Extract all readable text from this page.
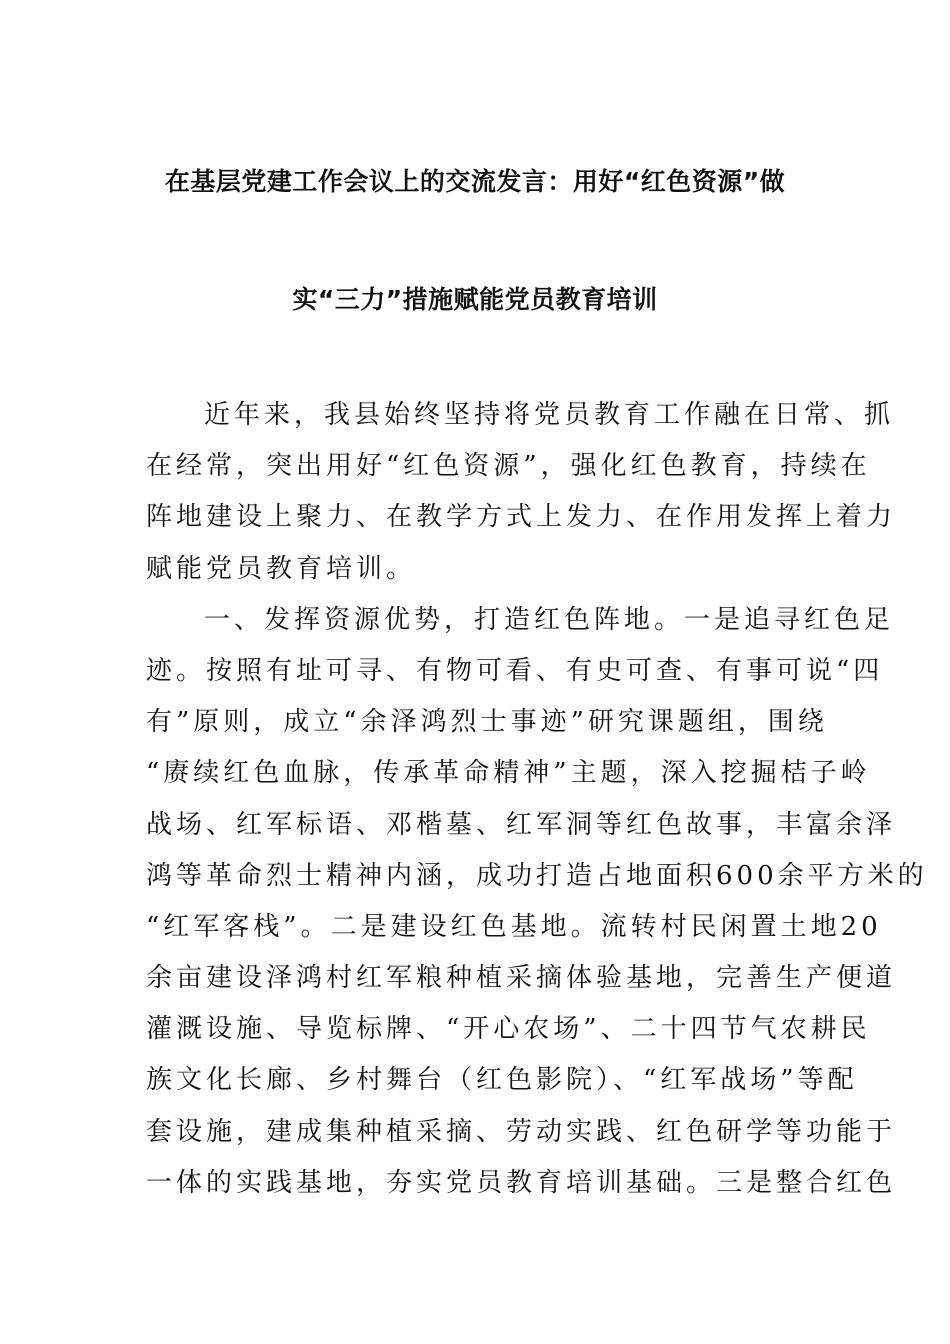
在基层党建工作会议上的交流发言：用好“红色资源”做
实“三力”措施赋能党员教育培训
近年来，我县始终坚持将党员教育工作融在日常、抓
在经常，突出用好“红色资源”，强化红色教育，持续在
阵地建设上聚力、在教学方式上发力、在作用发挥上着力
赋能党员教育培训。
一、发挥资源优势，打造红色阵地。一是追寻红色足
迹。按照有址可寻、有物可看、有史可查、有事可说“四
有”原则，成立“余泽鸿烈士事迹”研究课题组，围绕
“赓续红色血脉，传承革命精神”主题，深入挖掘桔子岭
战场、红军标语、邓楷墓、红军洞等红色故事，丰富余泽
鸿等革命烈士精神内涵，成功打造占地面积600余平方米的
“红军客栈”。二是建设红色基地。流转村民闲置土地20
余亩建设泽鸿村红军粮种植采摘体验基地，完善生产便道
灌溉设施、导览标牌、“开心农场”、二十四节气农耕民
族文化长廊、乡村舞台（红色影院）、“红军战场”等配
套设施，建成集种植采摘、劳动实践、红色研学等功能于
一体的实践基地，夯实党员教育培训基础。三是整合红色
